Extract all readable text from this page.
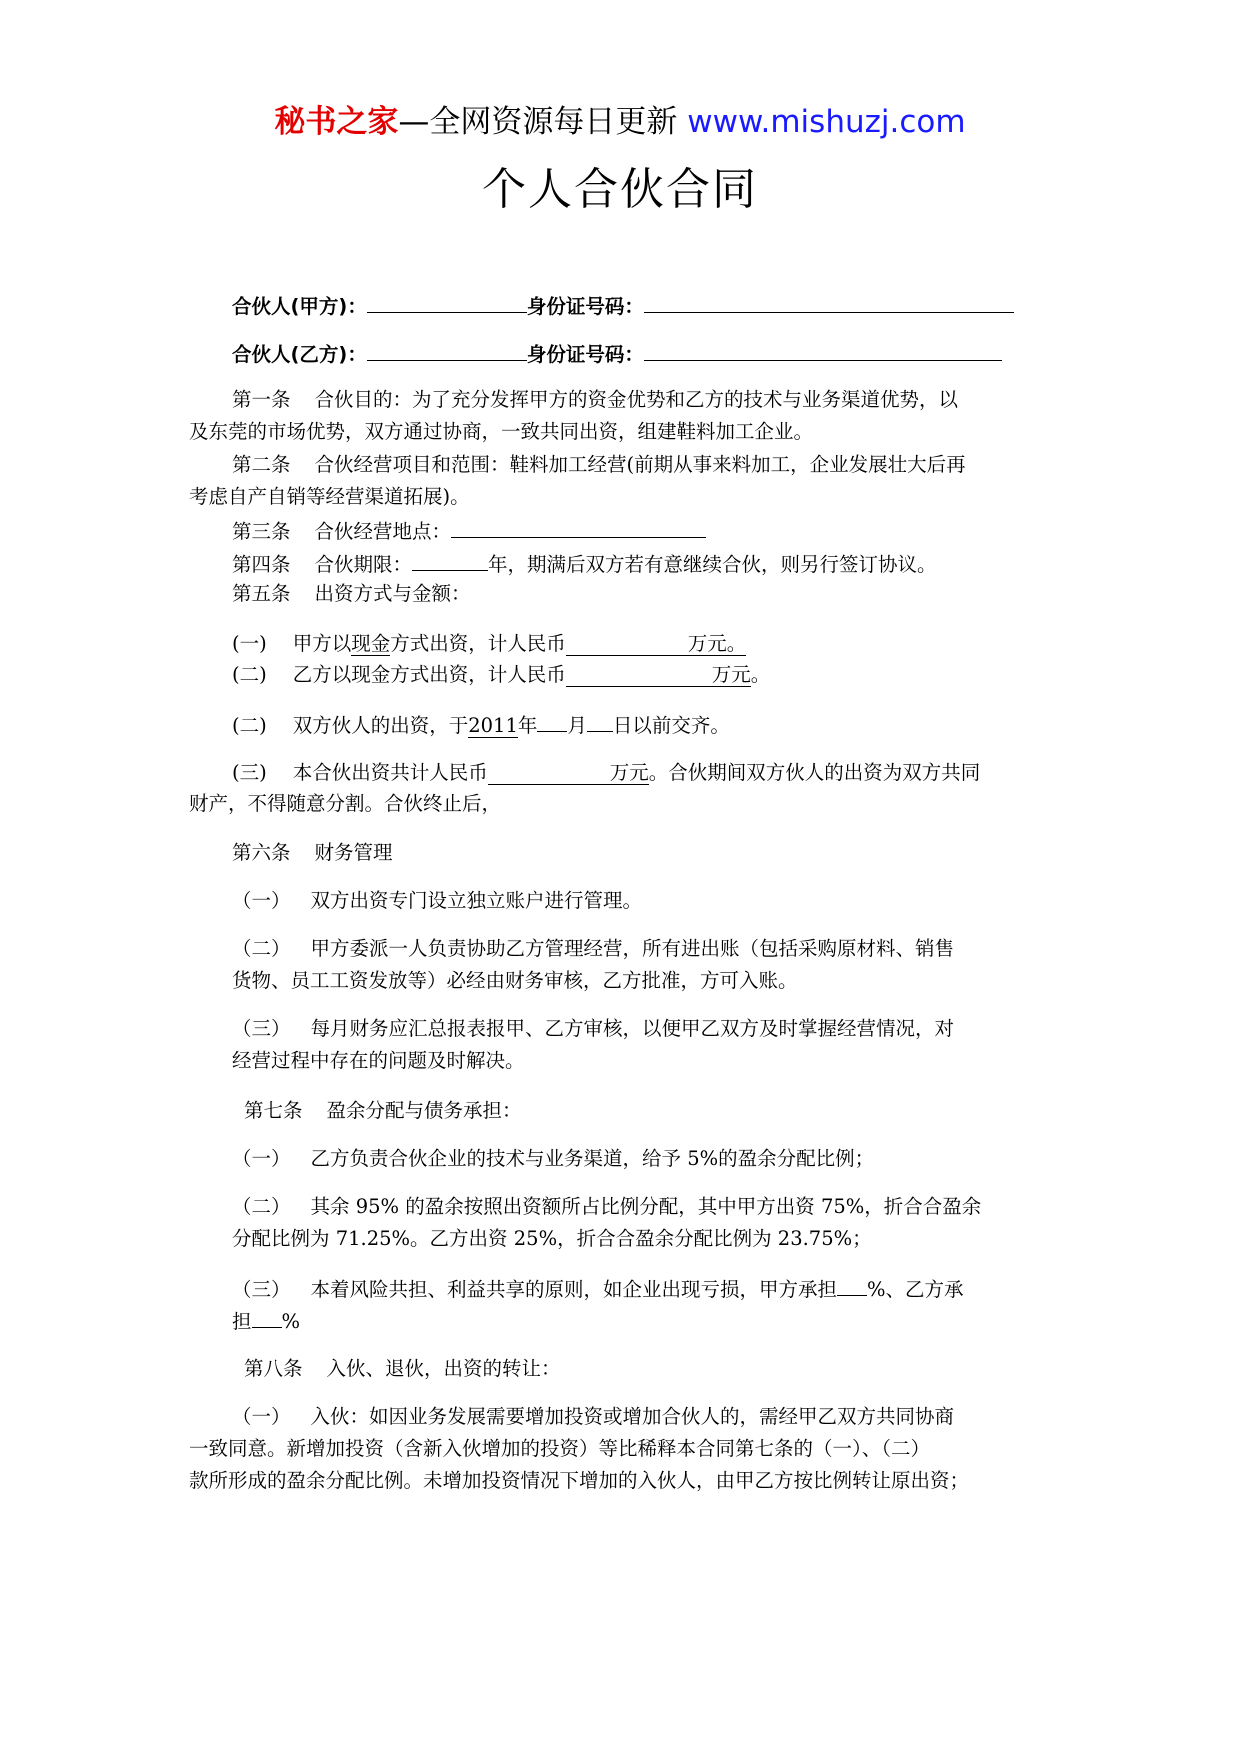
秘书之家—全网资源每日更新 www.mishuzj.com
个人合伙合同
合伙人(甲方)：	身份证号码：
合伙人(乙方)：	身份证号码：
第一条 合伙目的：为了充分发挥甲方的资金优势和乙方的技术与业务渠道优势，以
及东莞的市场优势，双方通过协商，一致共同出资，组建鞋料加工企业。
第二条 合伙经营项目和范围：鞋料加工经营(前期从事来料加工，企业发展壮大后再
考虑自产自销等经营渠道拓展)。
第三条 合伙经营地点：
第四条 合伙期限：	年，期满后双方若有意继续合伙，则另行签订协议。
第五条 出资方式与金额：
(一) 甲方以现金方式出资，计人民币	万元。
(二) 乙方以现金方式出资，计人民币	万元。
(二) 双方伙人的出资，于2011年 月 日以前交齐。
(三) 本合伙出资共计人民币	万元。合伙期间双方伙人的出资为双方共同
财产，不得随意分割。合伙终止后，
第六条 财务管理
（一） 双方出资专门设立独立账户进行管理。
（二） 甲方委派一人负责协助乙方管理经营，所有进出账（包括采购原材料、销售
货物、员工工资发放等）必经由财务审核，乙方批准，方可入账。
（三） 每月财务应汇总报表报甲、乙方审核，以便甲乙双方及时掌握经营情况，对
经营过程中存在的问题及时解决。
第七条 盈余分配与债务承担：
（一） 乙方负责合伙企业的技术与业务渠道，给予 5%的盈余分配比例；
（二） 其余 95% 的盈余按照出资额所占比例分配，其中甲方出资 75%，折合合盈余
分配比例为 71.25%。乙方出资 25%，折合合盈余分配比例为 23.75%；
（三） 本着风险共担、利益共享的原则，如企业出现亏损，甲方承担 %、乙方承
担 %
第八条 入伙、退伙，出资的转让：
（一） 入伙：如因业务发展需要增加投资或增加合伙人的，需经甲乙双方共同协商
一致同意。新增加投资（含新入伙增加的投资）等比稀释本合同第七条的（一）、（二）
款所形成的盈余分配比例。未增加投资情况下增加的入伙人，由甲乙方按比例转让原出资；
